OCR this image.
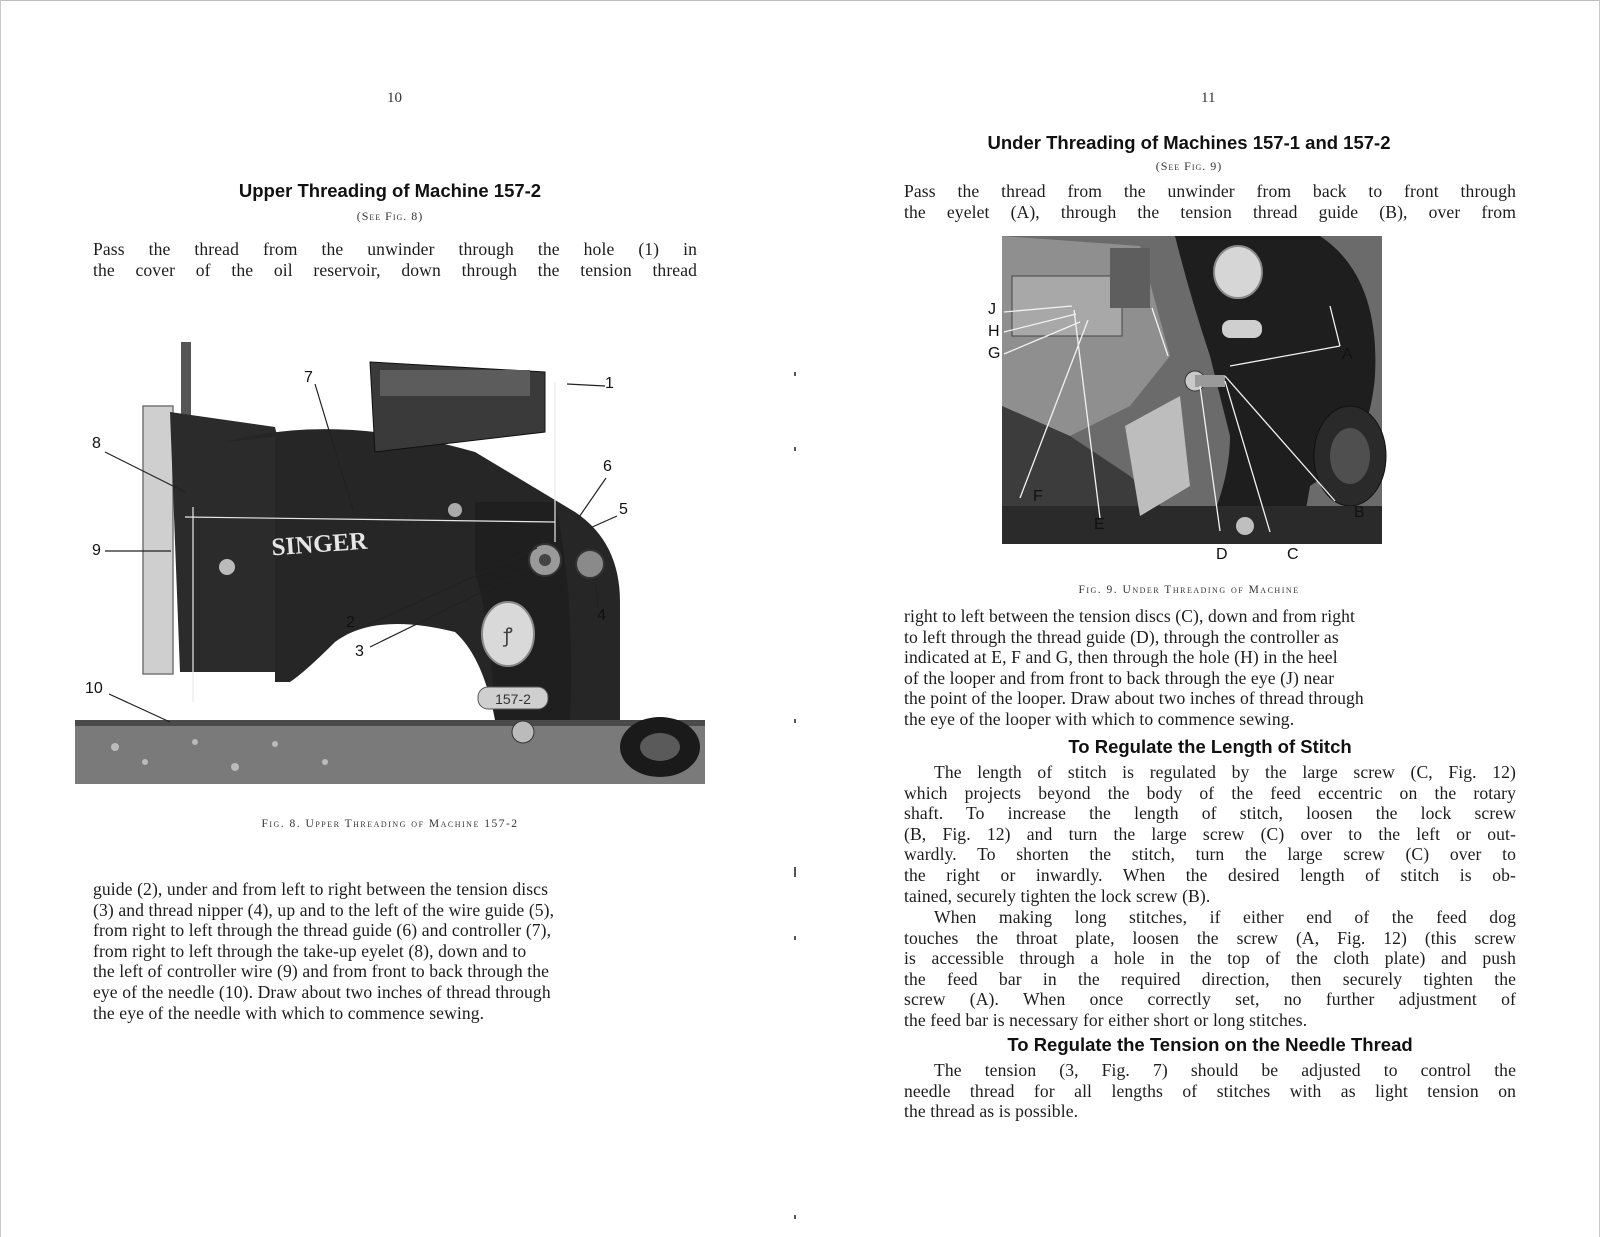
10
Upper Threading of Machine 157-2
(See Fig. 8)
Pass the thread from the unwinder through the hole (1) in
the cover of the oil reservoir, down through the tension thread
ꝭ
SINGER
157-2
1
2
3
4
5
6
7
8
9
10
Fig. 8. Upper Threading of Machine 157-2
guide (2), under and from left to right between the tension discs
(3) and thread nipper (4), up and to the left of the wire guide (5),
from right to left through the thread guide (6) and controller (7),
from right to left through the take-up eyelet (8), down and to
the left of controller wire (9) and from front to back through the
eye of the needle (10). Draw about two inches of thread through
the eye of the needle with which to commence sewing.
11
Under Threading of Machines 157-1 and 157-2
(See Fig. 9)
Pass the thread from the unwinder from back to front through
the eyelet (A), through the tension thread guide (B), over from
J
H
G	A
F
E
B
D	C
Fig. 9. Under Threading of Machine
right to left between the tension discs (C), down and from right
to left through the thread guide (D), through the controller as
indicated at E, F and G, then through the hole (H) in the heel
of the looper and from front to back through the eye (J) near
the point of the looper. Draw about two inches of thread through
the eye of the looper with which to commence sewing.
To Regulate the Length of Stitch
The length of stitch is regulated by the large screw (C, Fig. 12)
which projects beyond the body of the feed eccentric on the rotary
shaft. To increase the length of stitch, loosen the lock screw
(B, Fig. 12) and turn the large screw (C) over to the left or out-
wardly. To shorten the stitch, turn the large screw (C) over to
the right or inwardly. When the desired length of stitch is ob-
tained, securely tighten the lock screw (B).
When making long stitches, if either end of the feed dog
touches the throat plate, loosen the screw (A, Fig. 12) (this screw
is accessible through a hole in the top of the cloth plate) and push
the feed bar in the required direction, then securely tighten the
screw (A). When once correctly set, no further adjustment of
the feed bar is necessary for either short or long stitches.
To Regulate the Tension on the Needle Thread
The tension (3, Fig. 7) should be adjusted to control the
needle thread for all lengths of stitches with as light tension on
the thread as is possible.
